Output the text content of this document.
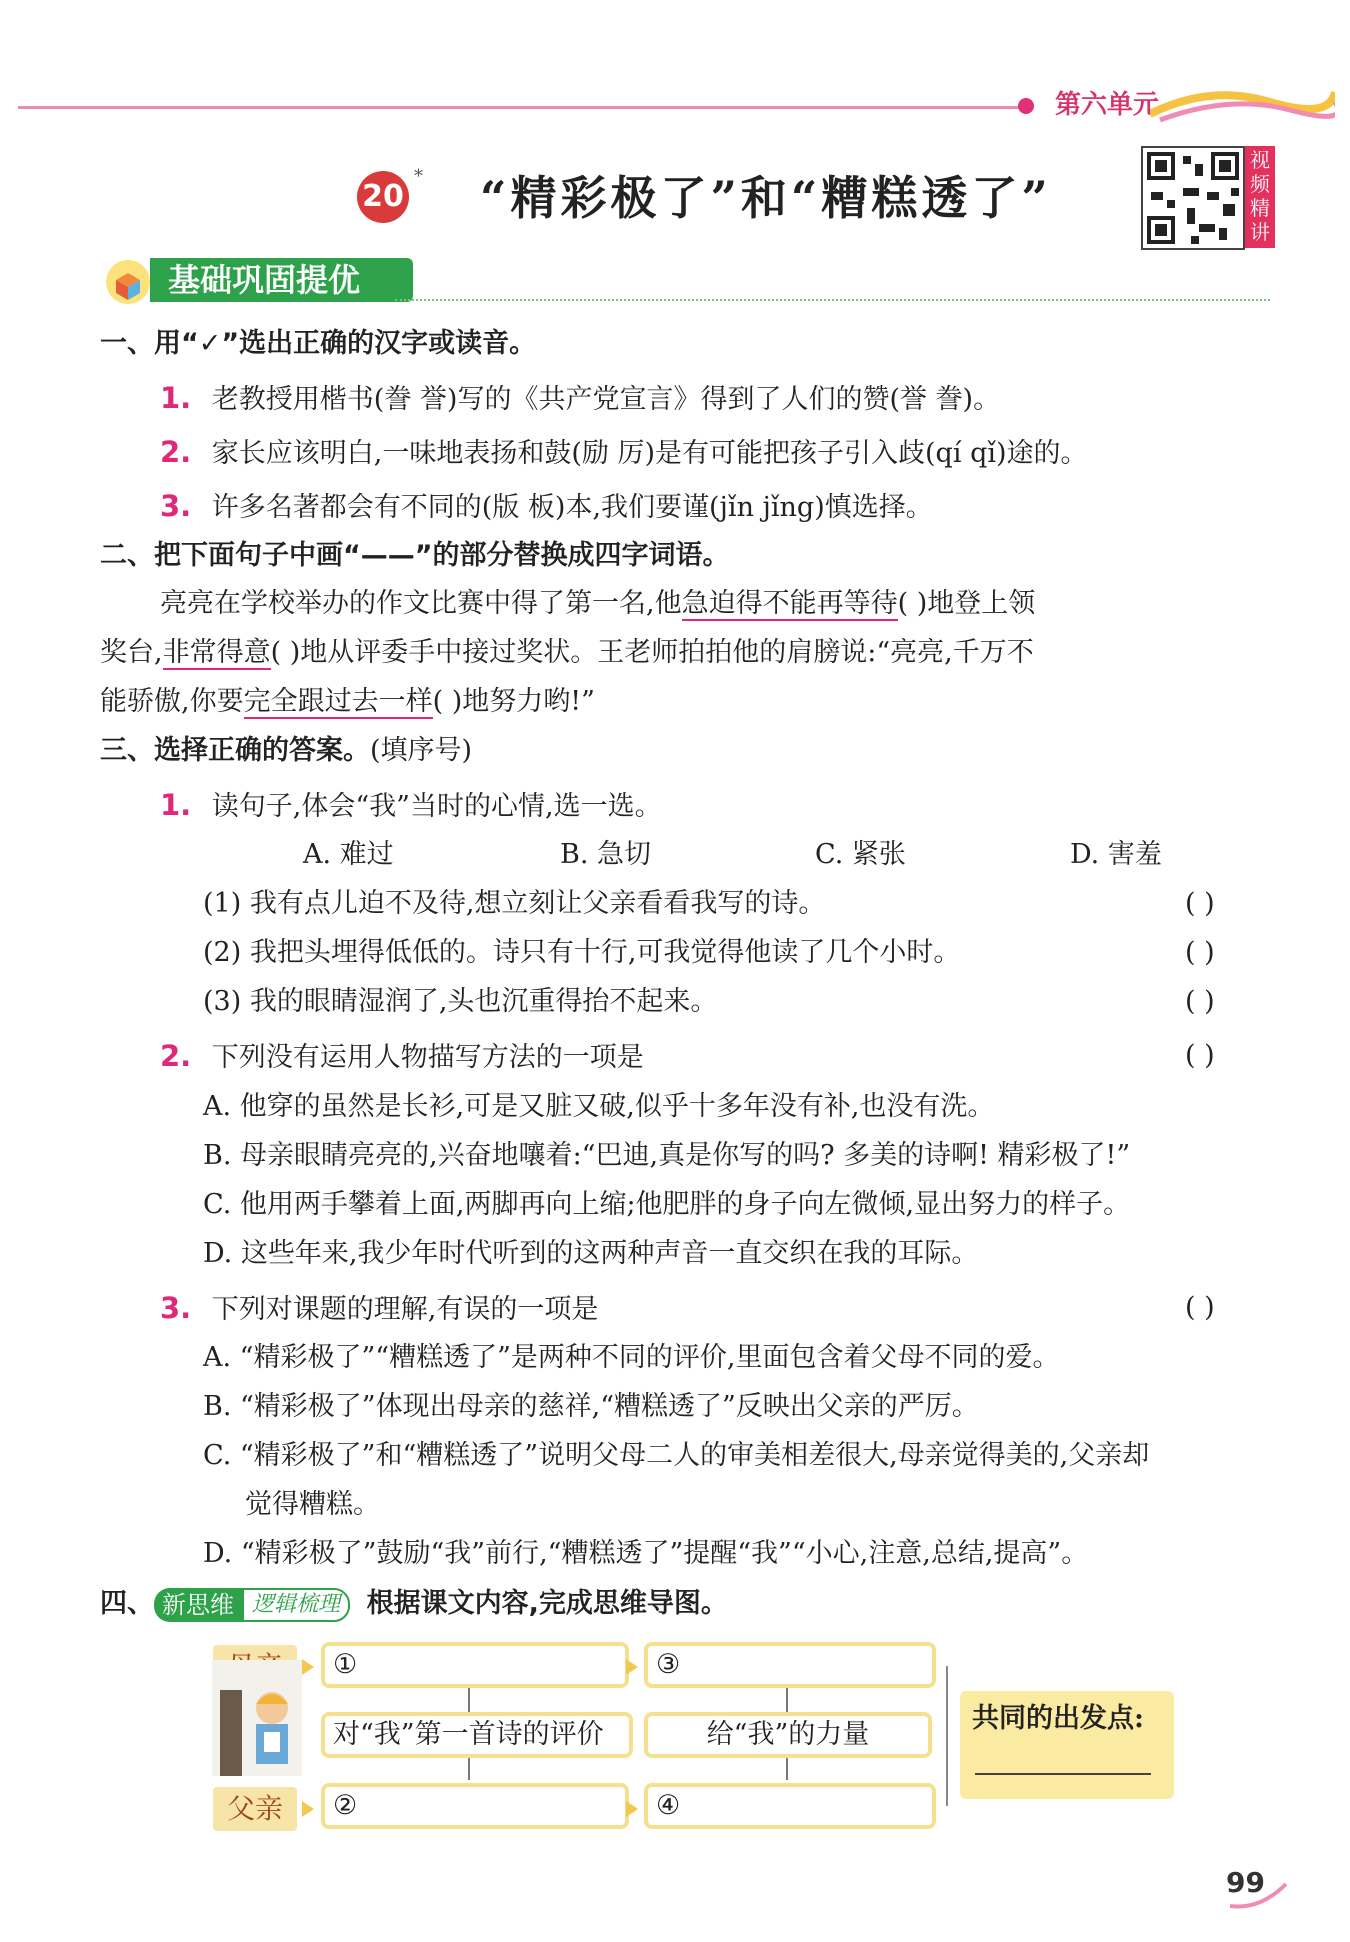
第六单元
20
* “精彩极了”和“糟糕透了”
视频精讲
基础巩固提优
一、用“✓”选出正确的汉字或读音。
1. 老教授用楷书(誊 誉)写的《共产党宣言》得到了人们的赞(誉 誊)。
2. 家长应该明白,一味地表扬和鼓(励 厉)是有可能把孩子引入歧(qí qǐ)途的。
3. 许多名著都会有不同的(版 板)本,我们要谨(jǐn jǐng)慎选择。
二、把下面句子中画“——”的部分替换成四字词语。
亮亮在学校举办的作文比赛中得了第一名,他急迫得不能再等待( )地登上领
奖台,非常得意( )地从评委手中接过奖状。王老师拍拍他的肩膀说:“亮亮,千万不
能骄傲,你要完全跟过去一样( )地努力哟!”
三、选择正确的答案。(填序号)
1. 读句子,体会“我”当时的心情,选一选。
A. 难过	B. 急切	C. 紧张	D. 害羞
(1) 我有点儿迫不及待,想立刻让父亲看看我写的诗。	( )
(2) 我把头埋得低低的。诗只有十行,可我觉得他读了几个小时。	( )
(3) 我的眼睛湿润了,头也沉重得抬不起来。	( )
2. 下列没有运用人物描写方法的一项是	( )
A. 他穿的虽然是长衫,可是又脏又破,似乎十多年没有补,也没有洗。
B. 母亲眼睛亮亮的,兴奋地嚷着:“巴迪,真是你写的吗? 多美的诗啊! 精彩极了!”
C. 他用两手攀着上面,两脚再向上缩;他肥胖的身子向左微倾,显出努力的样子。
D. 这些年来,我少年时代听到的这两种声音一直交织在我的耳际。
3. 下列对课题的理解,有误的一项是	( )
A. “精彩极了”“糟糕透了”是两种不同的评价,里面包含着父母不同的爱。
B. “精彩极了”体现出母亲的慈祥,“糟糕透了”反映出父亲的严厉。
C. “精彩极了”和“糟糕透了”说明父母二人的审美相差很大,母亲觉得美的,父亲却
觉得糟糕。
D. “精彩极了”鼓励“我”前行,“糟糕透了”提醒“我”“小心,注意,总结,提高”。
四、 新思维 逻辑梳理 根据课文内容,完成思维导图。
①	③
对“我”第一首诗的评价	给“我”的力量
父亲	②	④
共同的出发点:
99
